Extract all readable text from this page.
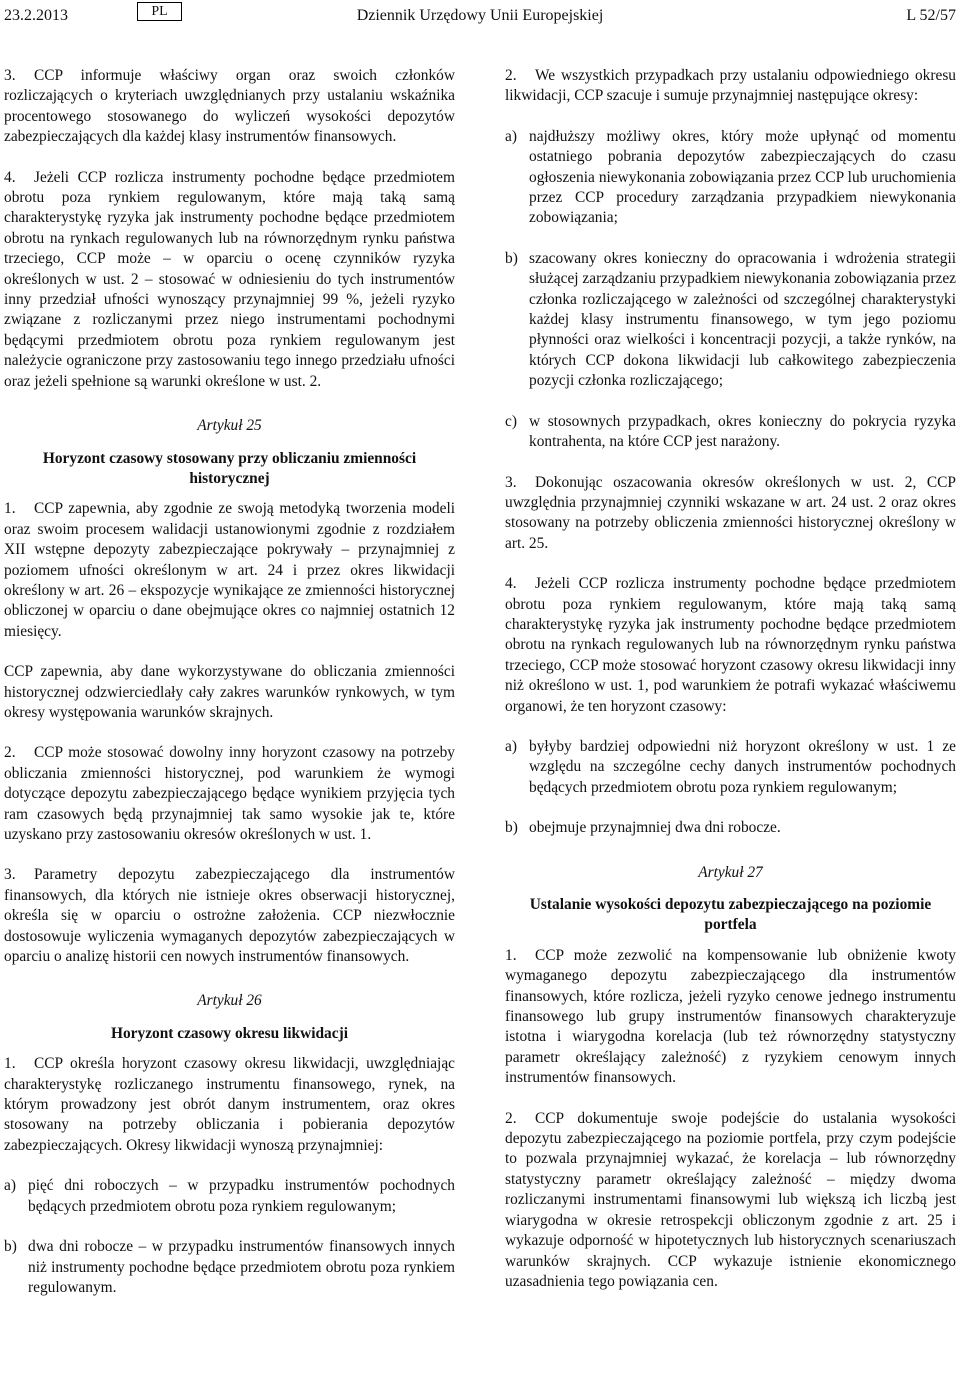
23.2.2013	PL	Dziennik Urzędowy Unii Europejskiej	L 52/57

3. CCP informuje właściwy organ oraz swoich członków rozliczających o kryteriach uwzględnianych przy ustalaniu wskaźnika procentowego stosowanego do wyliczeń wysokości depozytów zabezpieczających dla każdej klasy instrumentów finansowych.

4. Jeżeli CCP rozlicza instrumenty pochodne będące przedmiotem obrotu poza rynkiem regulowanym, które mają taką samą charakterystykę ryzyka jak instrumenty pochodne będące przedmiotem obrotu na rynkach regulowanych lub na równorzędnym rynku państwa trzeciego, CCP może – w oparciu o ocenę czynników ryzyka określonych w ust. 2 – stosować w odniesieniu do tych instrumentów inny przedział ufności wynoszący przynajmniej 99 %, jeżeli ryzyko związane z rozliczanymi przez niego instrumentami pochodnymi będącymi przedmiotem obrotu poza rynkiem regulowanym jest należycie ograniczone przy zastosowaniu tego innego przedziału ufności oraz jeżeli spełnione są warunki określone w ust. 2.

Artykuł 25
Horyzont czasowy stosowany przy obliczaniu zmienności historycznej

1. CCP zapewnia, aby zgodnie ze swoją metodyką tworzenia modeli oraz swoim procesem walidacji ustanowionymi zgodnie z rozdziałem XII wstępne depozyty zabezpieczające pokrywały – przynajmniej z poziomem ufności określonym w art. 24 i przez okres likwidacji określony w art. 26 – ekspozycje wynikające ze zmienności historycznej obliczonej w oparciu o dane obejmujące okres co najmniej ostatnich 12 miesięcy.

CCP zapewnia, aby dane wykorzystywane do obliczania zmienności historycznej odzwierciedlały cały zakres warunków rynkowych, w tym okresy występowania warunków skrajnych.

2. CCP może stosować dowolny inny horyzont czasowy na potrzeby obliczania zmienności historycznej, pod warunkiem że wymogi dotyczące depozytu zabezpieczającego będące wynikiem przyjęcia tych ram czasowych będą przynajmniej tak samo wysokie jak te, które uzyskano przy zastosowaniu okresów określonych w ust. 1.

3. Parametry depozytu zabezpieczającego dla instrumentów finansowych, dla których nie istnieje okres obserwacji historycznej, określa się w oparciu o ostrożne założenia. CCP niezwłocznie dostosowuje wyliczenia wymaganych depozytów zabezpieczających w oparciu o analizę historii cen nowych instrumentów finansowych.

Artykuł 26
Horyzont czasowy okresu likwidacji

1. CCP określa horyzont czasowy okresu likwidacji, uwzględniając charakterystykę rozliczanego instrumentu finansowego, rynek, na którym prowadzony jest obrót danym instrumentem, oraz okres stosowany na potrzeby obliczania i pobierania depozytów zabezpieczających. Okresy likwidacji wynoszą przynajmniej:

a) pięć dni roboczych – w przypadku instrumentów pochodnych będących przedmiotem obrotu poza rynkiem regulowanym;
b) dwa dni robocze – w przypadku instrumentów finansowych innych niż instrumenty pochodne będące przedmiotem obrotu poza rynkiem regulowanym.

2. We wszystkich przypadkach przy ustalaniu odpowiedniego okresu likwidacji, CCP szacuje i sumuje przynajmniej następujące okresy:

a) najdłuższy możliwy okres, który może upłynąć od momentu ostatniego pobrania depozytów zabezpieczających do czasu ogłoszenia niewykonania zobowiązania przez CCP lub uruchomienia przez CCP procedury zarządzania przypadkiem niewykonania zobowiązania;
b) szacowany okres konieczny do opracowania i wdrożenia strategii służącej zarządzaniu przypadkiem niewykonania zobowiązania przez członka rozliczającego w zależności od szczególnej charakterystyki każdej klasy instrumentu finansowego, w tym jego poziomu płynności oraz wielkości i koncentracji pozycji, a także rynków, na których CCP dokona likwidacji lub całkowitego zabezpieczenia pozycji członka rozliczającego;
c) w stosownych przypadkach, okres konieczny do pokrycia ryzyka kontrahenta, na które CCP jest narażony.

3. Dokonując oszacowania okresów określonych w ust. 2, CCP uwzględnia przynajmniej czynniki wskazane w art. 24 ust. 2 oraz okres stosowany na potrzeby obliczenia zmienności historycznej określony w art. 25.

4. Jeżeli CCP rozlicza instrumenty pochodne będące przedmiotem obrotu poza rynkiem regulowanym, które mają taką samą charakterystykę ryzyka jak instrumenty pochodne będące przedmiotem obrotu na rynkach regulowanych lub na równorzędnym rynku państwa trzeciego, CCP może stosować horyzont czasowy okresu likwidacji inny niż określono w ust. 1, pod warunkiem że potrafi wykazać właściwemu organowi, że ten horyzont czasowy:

a) byłyby bardziej odpowiedni niż horyzont określony w ust. 1 ze względu na szczególne cechy danych instrumentów pochodnych będących przedmiotem obrotu poza rynkiem regulowanym;
b) obejmuje przynajmniej dwa dni robocze.
Artykuł 27
Ustalanie wysokości depozytu zabezpieczającego na poziomie portfela

1. CCP może zezwolić na kompensowanie lub obniżenie kwoty wymaganego depozytu zabezpieczającego dla instrumentów finansowych, które rozlicza, jeżeli ryzyko cenowe jednego instrumentu finansowego lub grupy instrumentów finansowych charakteryzuje istotna i wiarygodna korelacja (lub też równorzędny statystyczny parametr określający zależność) z ryzykiem cenowym innych instrumentów finansowych.

2. CCP dokumentuje swoje podejście do ustalania wysokości depozytu zabezpieczającego na poziomie portfela, przy czym podejście to pozwala przynajmniej wykazać, że korelacja – lub równorzędny statystyczny parametr określający zależność – między dwoma rozliczanymi instrumentami finansowymi lub większą ich liczbą jest wiarygodna w okresie retrospekcji obliczonym zgodnie z art. 25 i wykazuje odporność w hipotetycznych lub historycznych scenariuszach warunków skrajnych. CCP wykazuje istnienie ekonomicznego uzasadnienia tego powiązania cen.
